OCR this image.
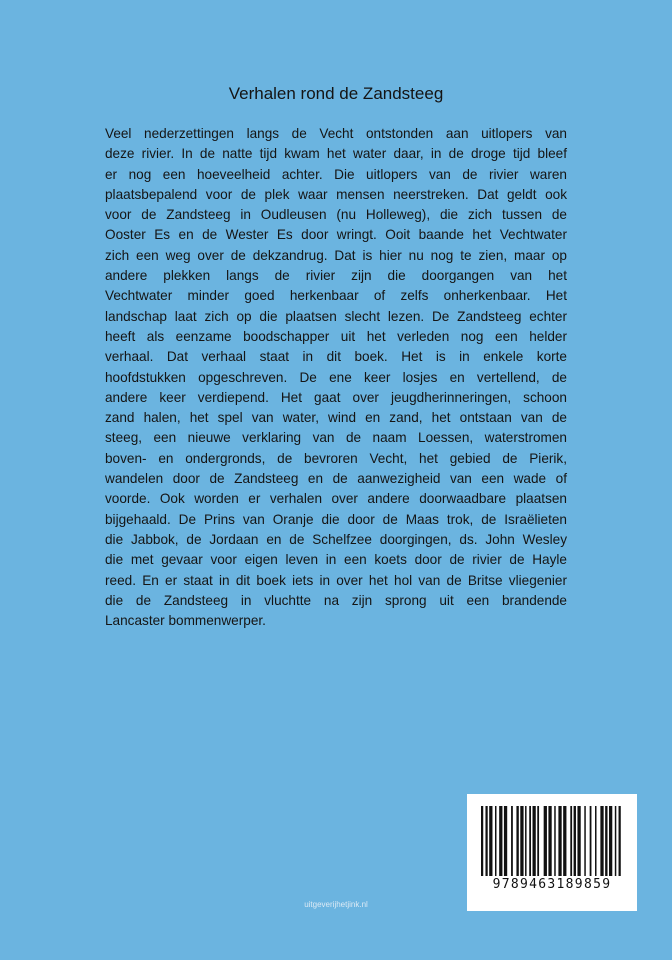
Verhalen rond de Zandsteeg
Veel nederzettingen langs de Vecht ontstonden aan uitlopers van
deze rivier. In de natte tijd kwam het water daar, in de droge tijd bleef
er nog een hoeveelheid achter. Die uitlopers van de rivier waren
plaatsbepalend voor de plek waar mensen neerstreken. Dat geldt ook
voor de Zandsteeg in Oudleusen (nu Holleweg), die zich tussen de
Ooster Es en de Wester Es door wringt. Ooit baande het Vechtwater
zich een weg over de dekzandrug. Dat is hier nu nog te zien, maar op
andere plekken langs de rivier zijn die doorgangen van het
Vechtwater minder goed herkenbaar of zelfs onherkenbaar. Het
landschap laat zich op die plaatsen slecht lezen. De Zandsteeg echter
heeft als eenzame boodschapper uit het verleden nog een helder
verhaal. Dat verhaal staat in dit boek. Het is in enkele korte
hoofdstukken opgeschreven. De ene keer losjes en vertellend, de
andere keer verdiepend. Het gaat over jeugdherinneringen, schoon
zand halen, het spel van water, wind en zand, het ontstaan van de
steeg, een nieuwe verklaring van de naam Loessen, waterstromen
boven- en ondergronds, de bevroren Vecht, het gebied de Pierik,
wandelen door de Zandsteeg en de aanwezigheid van een wade of
voorde. Ook worden er verhalen over andere doorwaadbare plaatsen
bijgehaald. De Prins van Oranje die door de Maas trok, de Israëlieten
die Jabbok, de Jordaan en de Schelfzee doorgingen, ds. John Wesley
die met gevaar voor eigen leven in een koets door de rivier de Hayle
reed. En er staat in dit boek iets in over het hol van de Britse vliegenier
die de Zandsteeg in vluchtte na zijn sprong uit een brandende
Lancaster bommenwerper.
9789463189859
uitgeverijhetjink.nl
